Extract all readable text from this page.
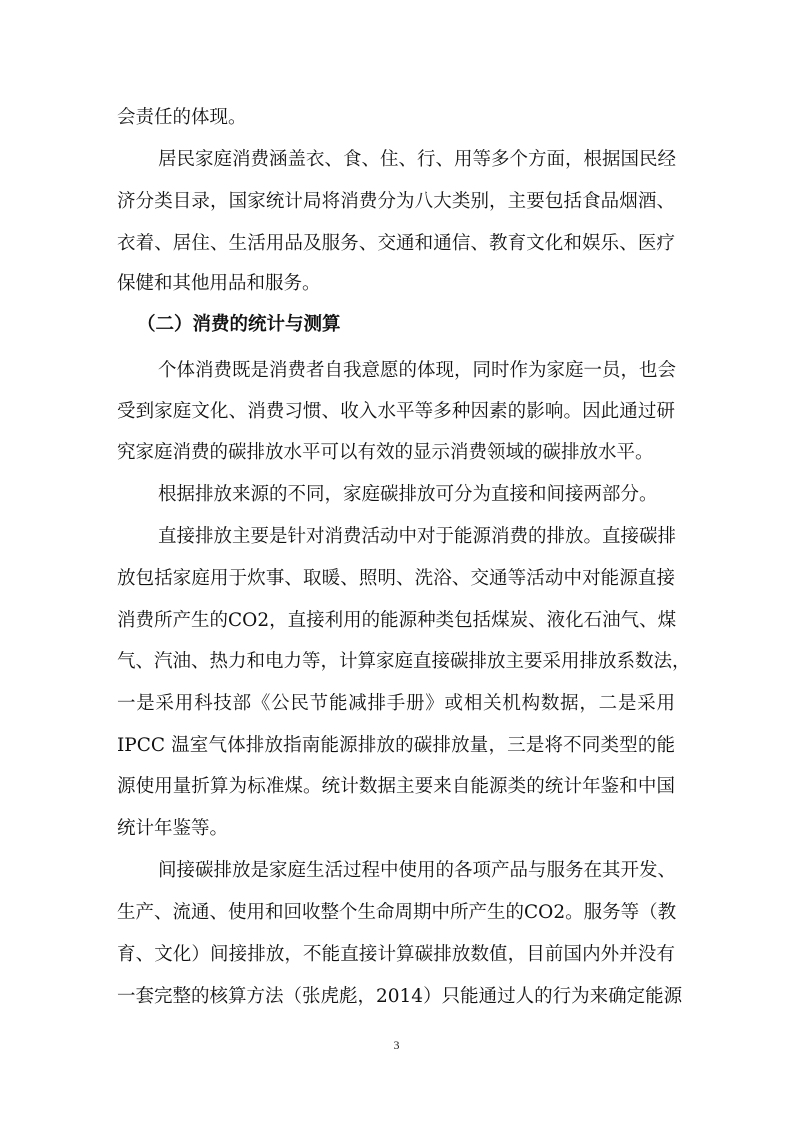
会责任的体现。
居民家庭消费涵盖衣、食、住、行、用等多个方面，根据国民经
济分类目录，国家统计局将消费分为八大类别，主要包括食品烟酒、
衣着、居住、生活用品及服务、交通和通信、教育文化和娱乐、医疗
保健和其他用品和服务。
（二）消费的统计与测算
个体消费既是消费者自我意愿的体现，同时作为家庭一员，也会
受到家庭文化、消费习惯、收入水平等多种因素的影响。因此通过研
究家庭消费的碳排放水平可以有效的显示消费领域的碳排放水平。
根据排放来源的不同，家庭碳排放可分为直接和间接两部分。
直接排放主要是针对消费活动中对于能源消费的排放。直接碳排
放包括家庭用于炊事、取暖、照明、洗浴、交通等活动中对能源直接
消费所产生的CO2，直接利用的能源种类包括煤炭、液化石油气、煤
气、汽油、热力和电力等，计算家庭直接碳排放主要采用排放系数法，
一是采用科技部《公民节能减排手册》或相关机构数据，二是采用
IPCC 温室气体排放指南能源排放的碳排放量，三是将不同类型的能
源使用量折算为标准煤。统计数据主要来自能源类的统计年鉴和中国
统计年鉴等。
间接碳排放是家庭生活过程中使用的各项产品与服务在其开发、
生产、流通、使用和回收整个生命周期中所产生的CO2。服务等（教
育、文化）间接排放，不能直接计算碳排放数值，目前国内外并没有
一套完整的核算方法（张虎彪，2014）只能通过人的行为来确定能源
3
